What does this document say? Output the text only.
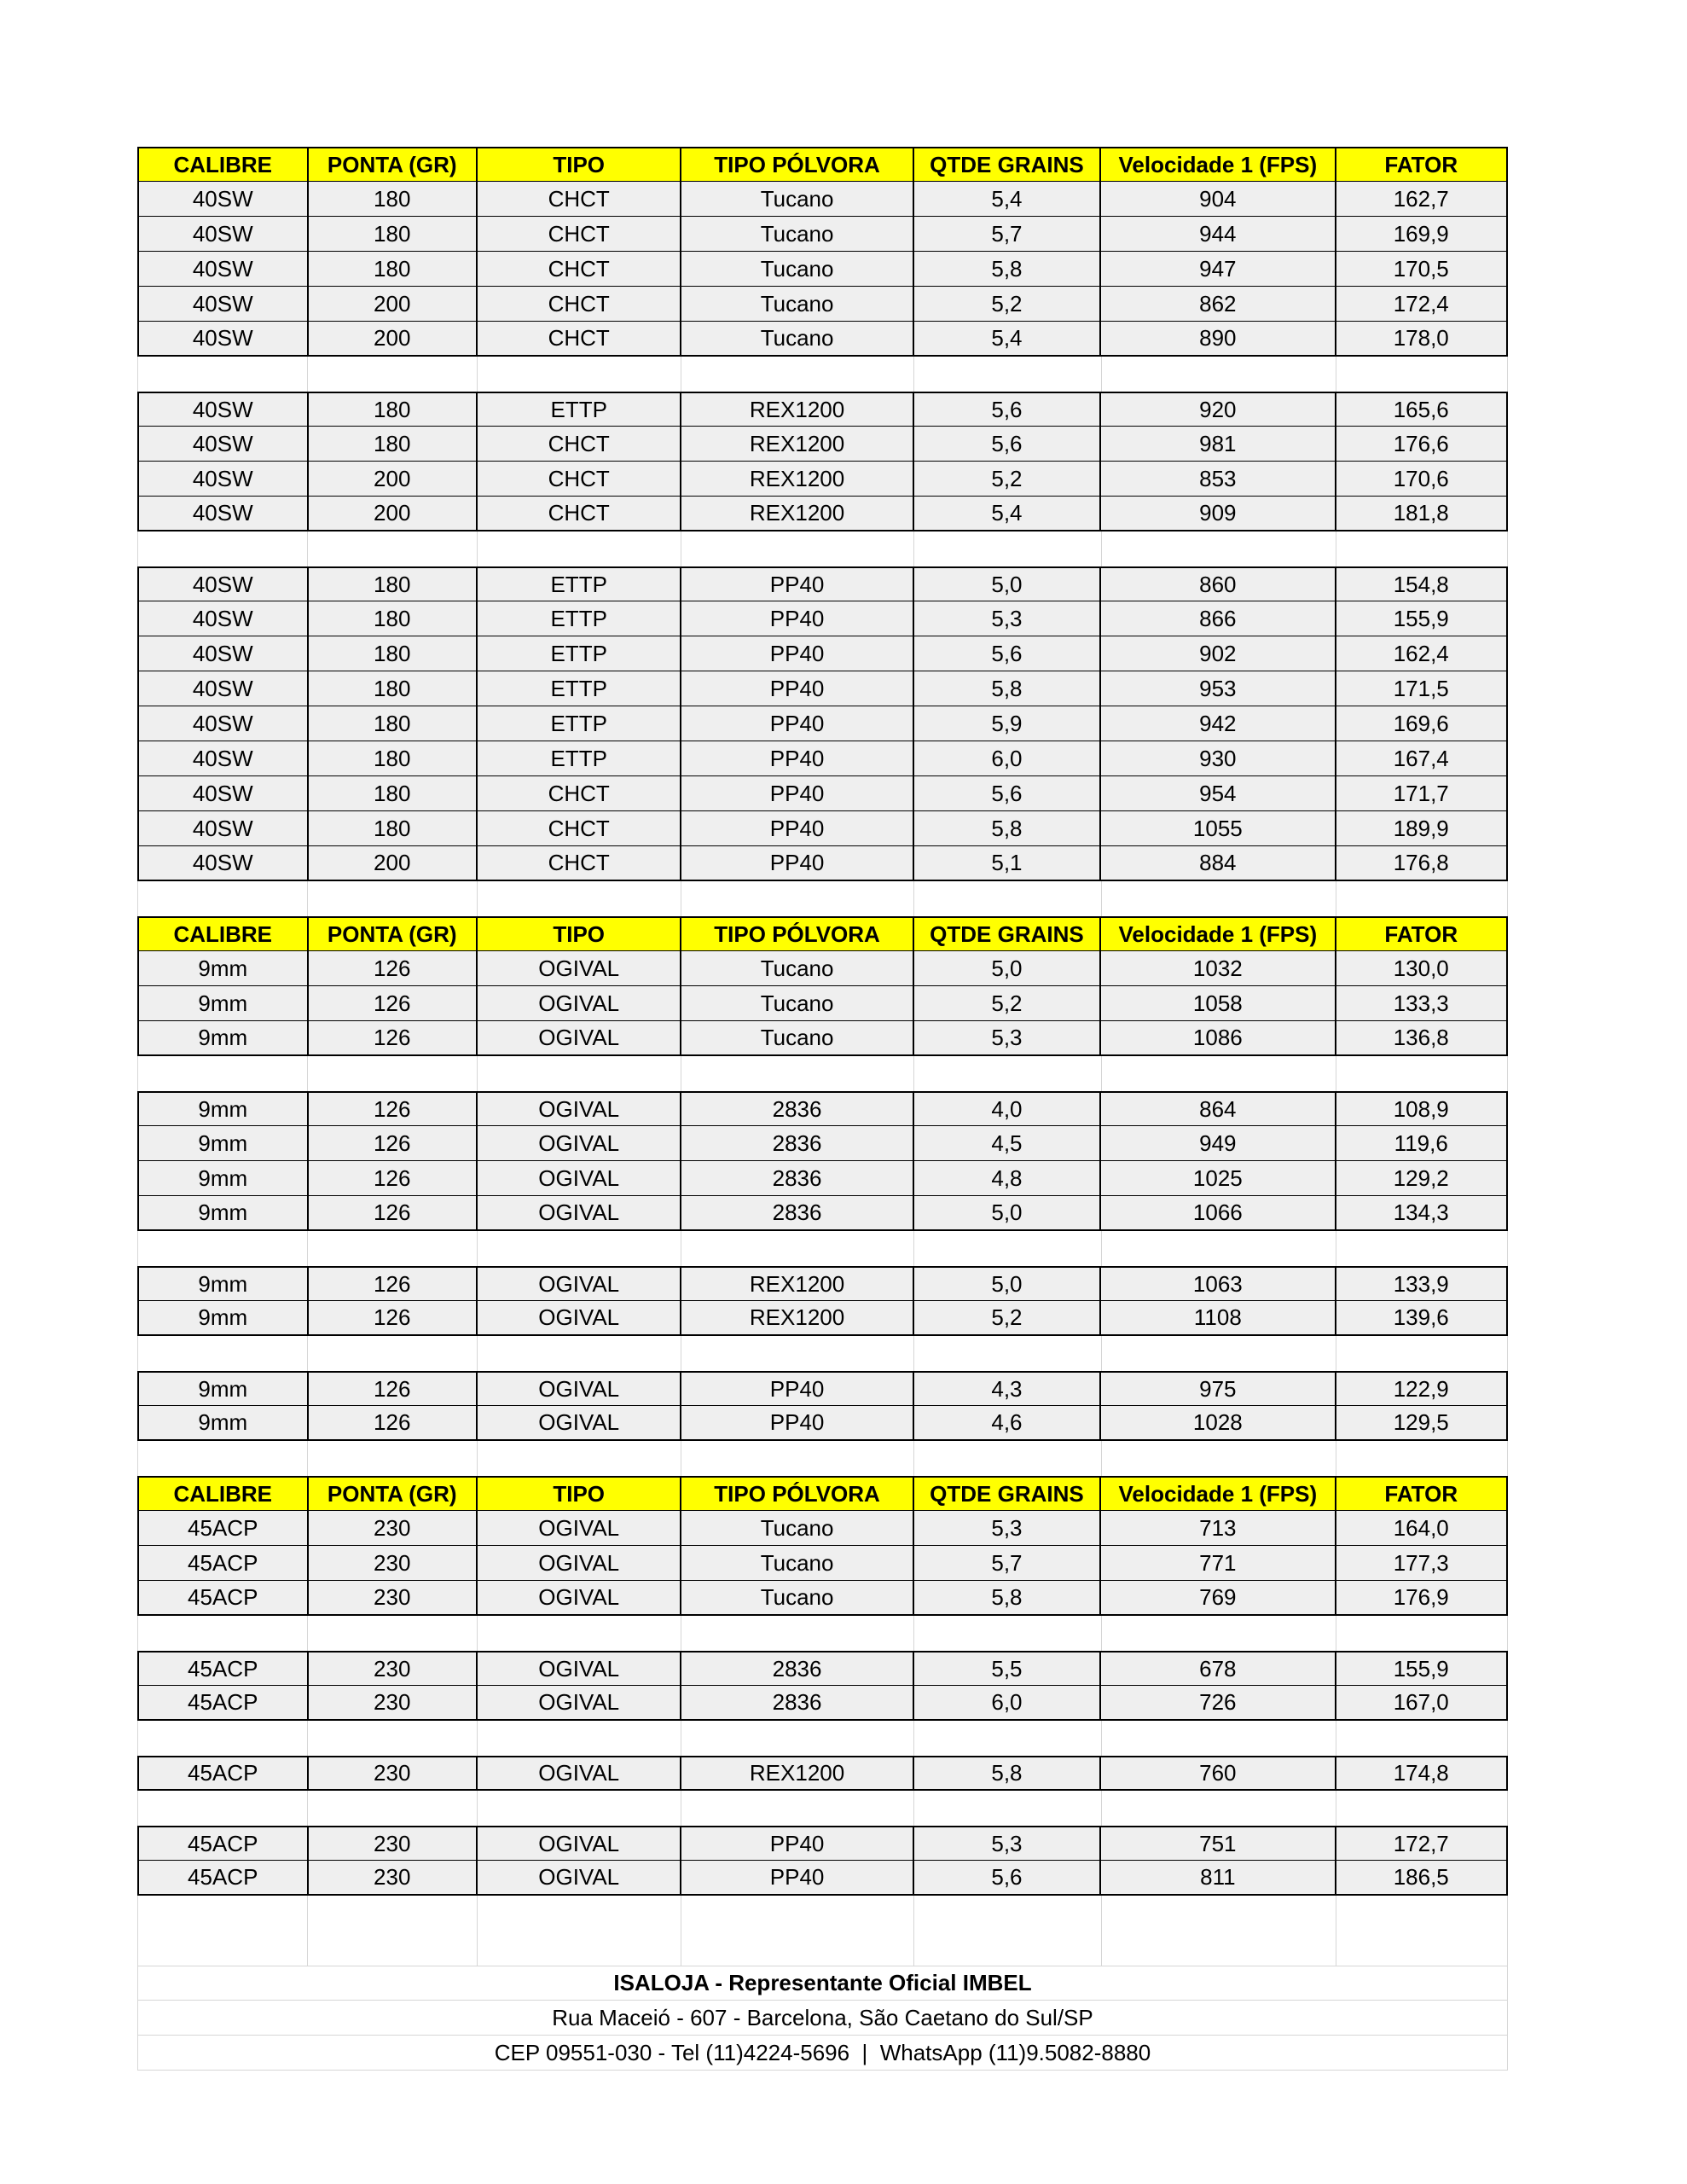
CALIBRE	PONTA (GR)	TIPO	TIPO PÓLVORA	QTDE GRAINS	Velocidade 1 (FPS)	FATOR
40SW	180	CHCT	Tucano	5,4	904	162,7
40SW	180	CHCT	Tucano	5,7	944	169,9
40SW	180	CHCT	Tucano	5,8	947	170,5
40SW	200	CHCT	Tucano	5,2	862	172,4
40SW	200	CHCT	Tucano	5,4	890	178,0
40SW	180	ETTP	REX1200	5,6	920	165,6
40SW	180	CHCT	REX1200	5,6	981	176,6
40SW	200	CHCT	REX1200	5,2	853	170,6
40SW	200	CHCT	REX1200	5,4	909	181,8
40SW	180	ETTP	PP40	5,0	860	154,8
40SW	180	ETTP	PP40	5,3	866	155,9
40SW	180	ETTP	PP40	5,6	902	162,4
40SW	180	ETTP	PP40	5,8	953	171,5
40SW	180	ETTP	PP40	5,9	942	169,6
40SW	180	ETTP	PP40	6,0	930	167,4
40SW	180	CHCT	PP40	5,6	954	171,7
40SW	180	CHCT	PP40	5,8	1055	189,9
40SW	200	CHCT	PP40	5,1	884	176,8
CALIBRE	PONTA (GR)	TIPO	TIPO PÓLVORA	QTDE GRAINS	Velocidade 1 (FPS)	FATOR
9mm	126	OGIVAL	Tucano	5,0	1032	130,0
9mm	126	OGIVAL	Tucano	5,2	1058	133,3
9mm	126	OGIVAL	Tucano	5,3	1086	136,8
9mm	126	OGIVAL	2836	4,0	864	108,9
9mm	126	OGIVAL	2836	4,5	949	119,6
9mm	126	OGIVAL	2836	4,8	1025	129,2
9mm	126	OGIVAL	2836	5,0	1066	134,3
9mm	126	OGIVAL	REX1200	5,0	1063	133,9
9mm	126	OGIVAL	REX1200	5,2	1108	139,6
9mm	126	OGIVAL	PP40	4,3	975	122,9
9mm	126	OGIVAL	PP40	4,6	1028	129,5
CALIBRE	PONTA (GR)	TIPO	TIPO PÓLVORA	QTDE GRAINS	Velocidade 1 (FPS)	FATOR
45ACP	230	OGIVAL	Tucano	5,3	713	164,0
45ACP	230	OGIVAL	Tucano	5,7	771	177,3
45ACP	230	OGIVAL	Tucano	5,8	769	176,9
45ACP	230	OGIVAL	2836	5,5	678	155,9
45ACP	230	OGIVAL	2836	6,0	726	167,0
45ACP	230	OGIVAL	REX1200	5,8	760	174,8
45ACP	230	OGIVAL	PP40	5,3	751	172,7
45ACP	230	OGIVAL	PP40	5,6	811	186,5
ISALOJA - Representante Oficial IMBEL
Rua Maceió - 607 - Barcelona, São Caetano do Sul/SP
CEP 09551-030 - Tel (11)4224-5696  |  WhatsApp (11)9.5082-8880
